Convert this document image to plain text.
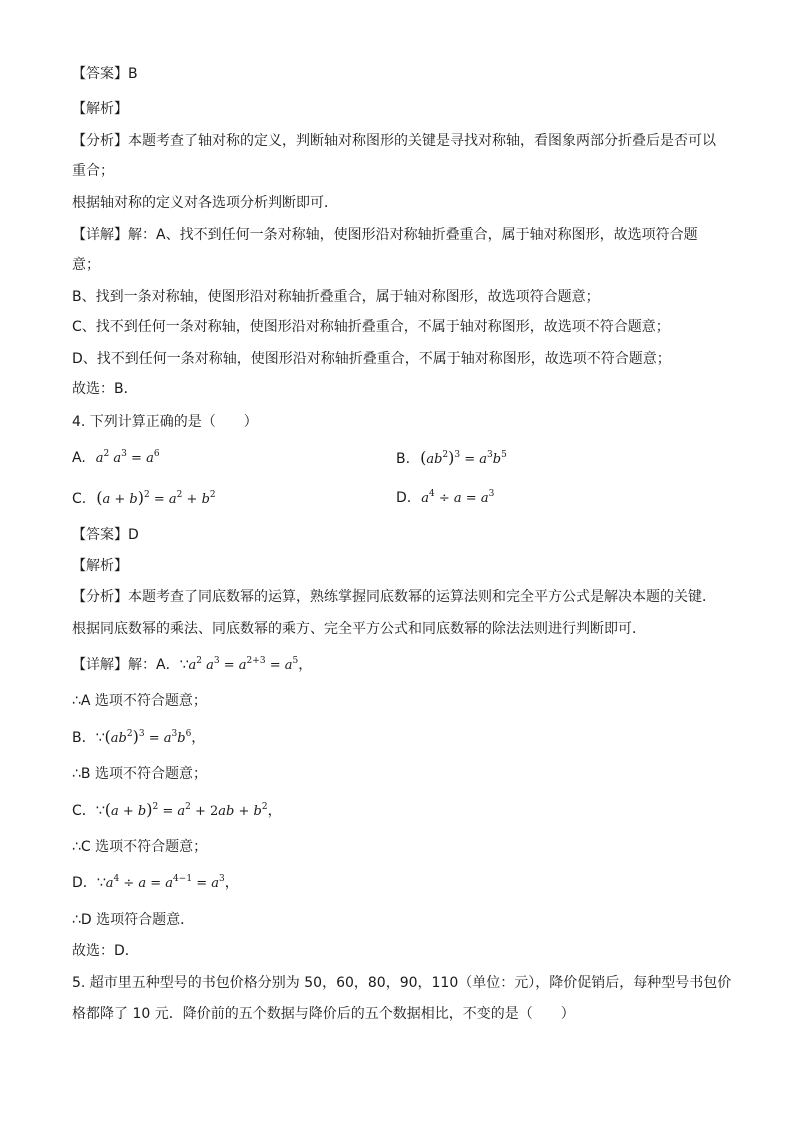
【答案】B
【解析】
【分析】本题考查了轴对称的定义，判断轴对称图形的关键是寻找对称轴，看图象两部分折叠后是否可以
重合；
根据轴对称的定义对各选项分析判断即可．
【详解】解：A、找不到任何一条对称轴，使图形沿对称轴折叠重合，属于轴对称图形，故选项符合题
意；
B、找到一条对称轴，使图形沿对称轴折叠重合，属于轴对称图形，故选项符合题意；
C、找不到任何一条对称轴，使图形沿对称轴折叠重合，不属于轴对称图形，故选项不符合题意；
D、找不到任何一条对称轴，使图形沿对称轴折叠重合，不属于轴对称图形，故选项不符合题意；
故选：B．
4. 下列计算正确的是（　　）
A. $a^2$ $a^3 = a^6$	B. $(ab^2)^3 = a^3b^5$
C. $(a + b)^2 = a^2 + b^2$	D. $a^4 \div a = a^3$
【答案】D
【解析】
【分析】本题考查了同底数幂的运算，熟练掌握同底数幂的运算法则和完全平方公式是解决本题的关键．
根据同底数幂的乘法、同底数幂的乘方、完全平方公式和同底数幂的除法法则进行判断即可．
【详解】解：A．$\because a^2$ $a^3 = a^{2+3} = a^5$，
∴A 选项不符合题意；
B．$\because(ab^2)^3 = a^3b^6$，
∴B 选项不符合题意；
C．∵(a + $b)^2 = a^2 + 2ab + b^2$，
∴C 选项不符合题意；
D．$\because a^4 \div a = a^{4-1} = a^3$，
∴D 选项符合题意．
故选：D．
5. 超市里五种型号的书包价格分别为 50，60，80，90，110（单位：元），降价促销后，每种型号书包价
格都降了 10 元．降价前的五个数据与降价后的五个数据相比，不变的是（　　）
